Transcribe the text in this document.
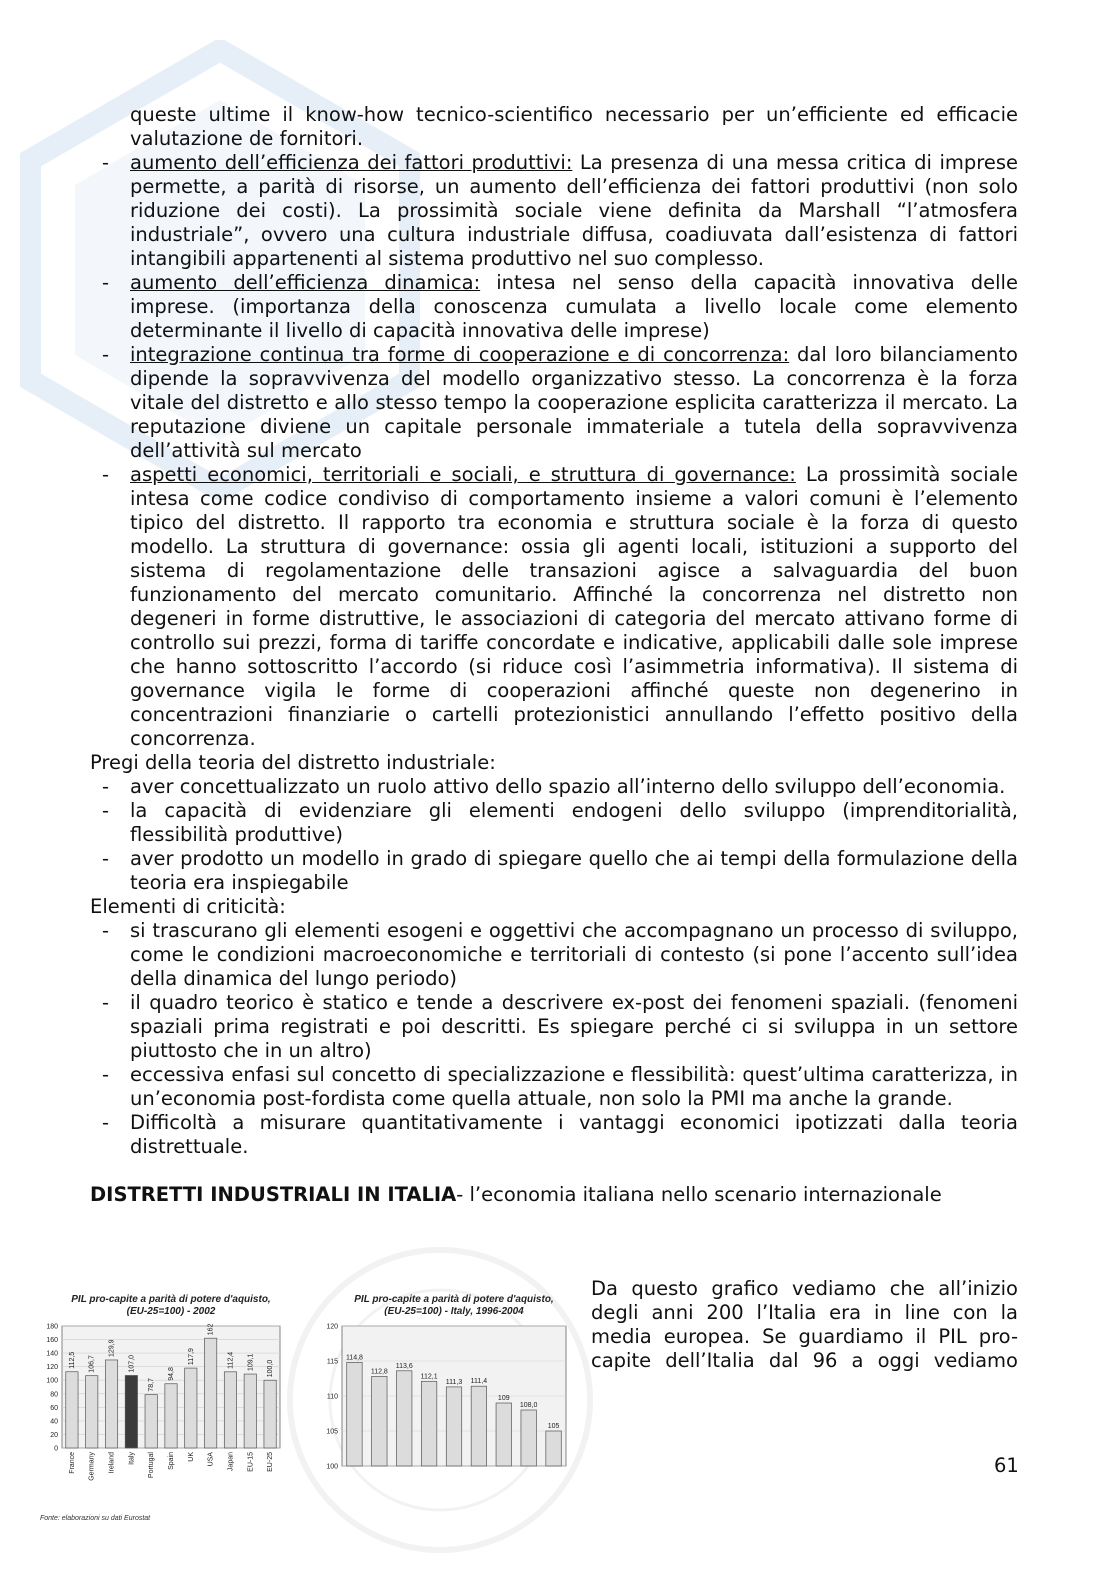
queste ultime il know-how tecnico-scientifico necessario per un’efficiente ed efficacie valutazione de fornitori.

- aumento dell’efficienza dei fattori produttivi: La presenza di una messa critica di imprese permette, a parità di risorse, un aumento dell’efficienza dei fattori produttivi (non solo riduzione dei costi). La prossimità sociale viene definita da Marshall “l’atmosfera industriale”, ovvero una cultura industriale diffusa, coadiuvata dall’esistenza di fattori intangibili appartenenti al sistema produttivo nel suo complesso.
- aumento dell’efficienza dinamica: intesa nel senso della capacità innovativa delle imprese. (importanza della conoscenza cumulata a livello locale come elemento determinante il livello di capacità innovativa delle imprese)
- integrazione continua tra forme di cooperazione e di concorrenza: dal loro bilanciamento dipende la sopravvivenza del modello organizzativo stesso. La concorrenza è la forza vitale del distretto e allo stesso tempo la cooperazione esplicita caratterizza il mercato. La reputazione diviene un capitale personale immateriale a tutela della sopravvivenza dell’attività sul mercato
- aspetti economici, territoriali e sociali, e struttura di governance: La prossimità sociale intesa come codice condiviso di comportamento insieme a valori comuni è l’elemento tipico del distretto. Il rapporto tra economia e struttura sociale è la forza di questo modello. La struttura di governance: ossia gli agenti locali, istituzioni a supporto del sistema di regolamentazione delle transazioni agisce a salvaguardia del buon funzionamento del mercato comunitario. Affinché la concorrenza nel distretto non degeneri in forme distruttive, le associazioni di categoria del mercato attivano forme di controllo sui prezzi, forma di tariffe concordate e indicative, applicabili dalle sole imprese che hanno sottoscritto l’accordo (si riduce così l’asimmetria informativa). Il sistema di governance vigila le forme di cooperazioni affinché queste non degenerino in concentrazioni finanziarie o cartelli protezionistici annullando l’effetto positivo della concorrenza.

Pregi della teoria del distretto industriale:

- aver concettualizzato un ruolo attivo dello spazio all’interno dello sviluppo dell’economia.
- la capacità di evidenziare gli elementi endogeni dello sviluppo (imprenditorialità, flessibilità produttive)
- aver prodotto un modello in grado di spiegare quello che ai tempi della formulazione della teoria era inspiegabile

Elementi di criticità:

- si trascurano gli elementi esogeni e oggettivi che accompagnano un processo di sviluppo, come le condizioni macroeconomiche e territoriali di contesto (si pone l’accento sull’idea della dinamica del lungo periodo)
- il quadro teorico è statico e tende a descrivere ex-post dei fenomeni spaziali. (fenomeni spaziali prima registrati e poi descritti. Es spiegare perché ci si sviluppa in un settore piuttosto che in un altro)
- eccessiva enfasi sul concetto di specializzazione e flessibilità: quest’ultima caratterizza, in un’economia post-fordista come quella attuale, non solo la PMI ma anche la grande.
- Difficoltà a misurare quantitativamente i vantaggi economici ipotizzati dalla teoria distrettuale.

DISTRETTI INDUSTRIALI IN ITALIA- l’economia italiana nello scenario internazionale

PIL pro-capite a parità di potere d'aquisto,
(EU-25=100) - 2002
0
20
40
60
80
100
120
140
160
180
112,5
France
106,7
Germany
129,9
Ireland
107,0
Italy
78,7
Portugal
94,8
Spain
117,9
UK
162
USA
112,4
Japan
109,1
EU-15
100,0
EU-25
Fonte: elaborazioni su dati Eurostat
PIL pro-capite a parità di potere d'aquisto,
(EU-25=100) - Italy, 1996-2004
100
105
110
115
120
114,8
112,8
113,6
112,1
111,3 111,4
109
108,0
105
Da questo grafico vediamo che all’inizio degli anni 200 l’Italia era in line con la media europea. Se guardiamo il PIL pro-capite dell’Italia dal 96 a oggi vediamo
61
